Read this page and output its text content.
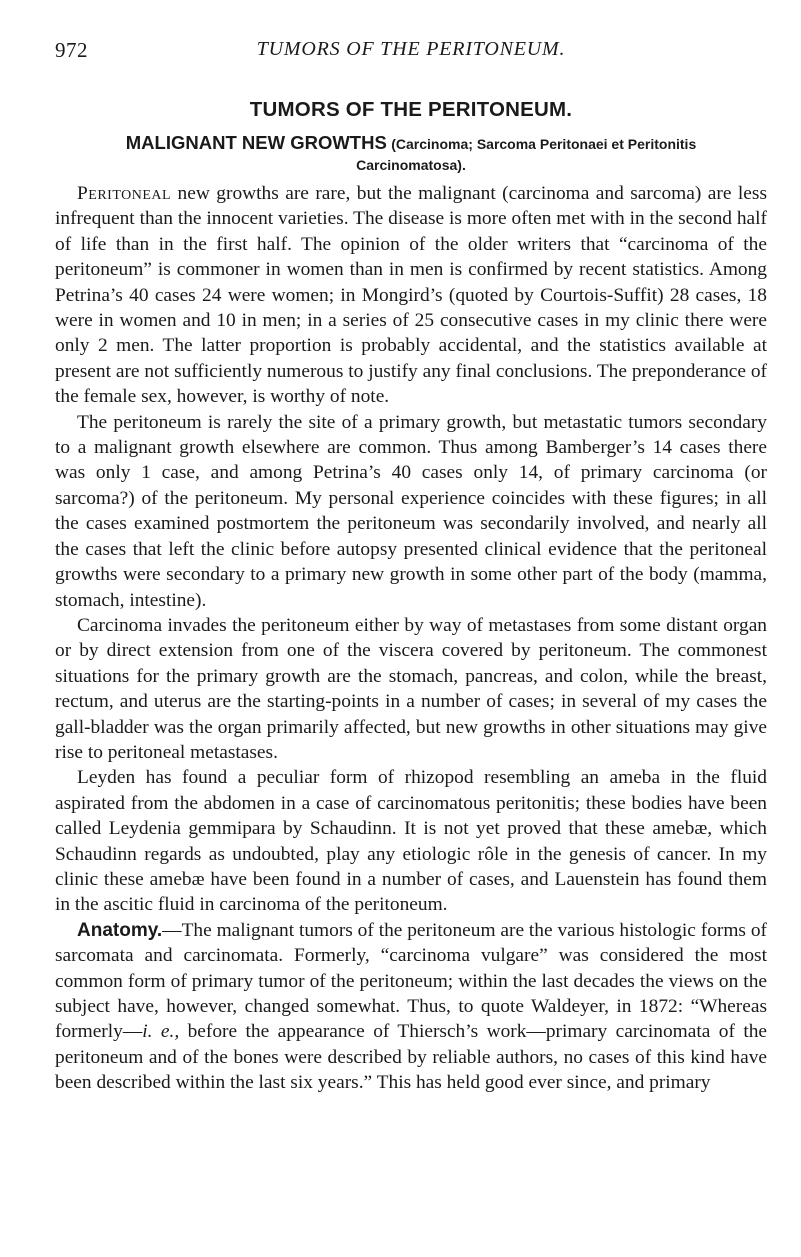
972	TUMORS OF THE PERITONEUM.
TUMORS OF THE PERITONEUM.
MALIGNANT NEW GROWTHS (Carcinoma; Sarcoma Peritonaei et Peritonitis
Carcinomatosa).

Peritoneal new growths are rare, but the malignant (carcinoma and sarcoma) are less infrequent than the innocent varieties. The disease is more often met with in the second half of life than in the first half. The opinion of the older writers that “carcinoma of the peritoneum” is commoner in women than in men is confirmed by recent statistics. Among Petrina’s 40 cases 24 were women; in Mongird’s (quoted by Courtois-Suffit) 28 cases, 18 were in women and 10 in men; in a series of 25 consecutive cases in my clinic there were only 2 men. The latter proportion is probably accidental, and the statistics available at present are not sufficiently numerous to justify any final conclusions. The preponderance of the female sex, however, is worthy of note.

The peritoneum is rarely the site of a primary growth, but metastatic tumors secondary to a malignant growth elsewhere are common. Thus among Bamberger’s 14 cases there was only 1 case, and among Petrina’s 40 cases only 14, of primary carcinoma (or sarcoma?) of the peritoneum. My personal experience coincides with these figures; in all the cases examined postmortem the peritoneum was secondarily involved, and nearly all the cases that left the clinic before autopsy presented clinical evidence that the peritoneal growths were secondary to a primary new growth in some other part of the body (mamma, stomach, intestine).

Carcinoma invades the peritoneum either by way of metastases from some distant organ or by direct extension from one of the viscera covered by peritoneum. The commonest situations for the primary growth are the stomach, pancreas, and colon, while the breast, rectum, and uterus are the starting-points in a number of cases; in several of my cases the gall-bladder was the organ primarily affected, but new growths in other situations may give rise to peritoneal metastases.

Leyden has found a peculiar form of rhizopod resembling an ameba in the fluid aspirated from the abdomen in a case of carcinomatous peritonitis; these bodies have been called Leydenia gemmipara by Schaudinn. It is not yet proved that these amebæ, which Schaudinn regards as undoubted, play any etiologic rôle in the genesis of cancer. In my clinic these amebæ have been found in a number of cases, and Lauenstein has found them in the ascitic fluid in carcinoma of the peritoneum.

Anatomy.—The malignant tumors of the peritoneum are the various histologic forms of sarcomata and carcinomata. Formerly, “carcinoma vulgare” was considered the most common form of primary tumor of the peritoneum; within the last decades the views on the subject have, however, changed somewhat. Thus, to quote Waldeyer, in 1872: “Whereas formerly—i. e., before the appearance of Thiersch’s work—primary carcinomata of the peritoneum and of the bones were described by reliable authors, no cases of this kind have been described within the last six years.” This has held good ever since, and primary
